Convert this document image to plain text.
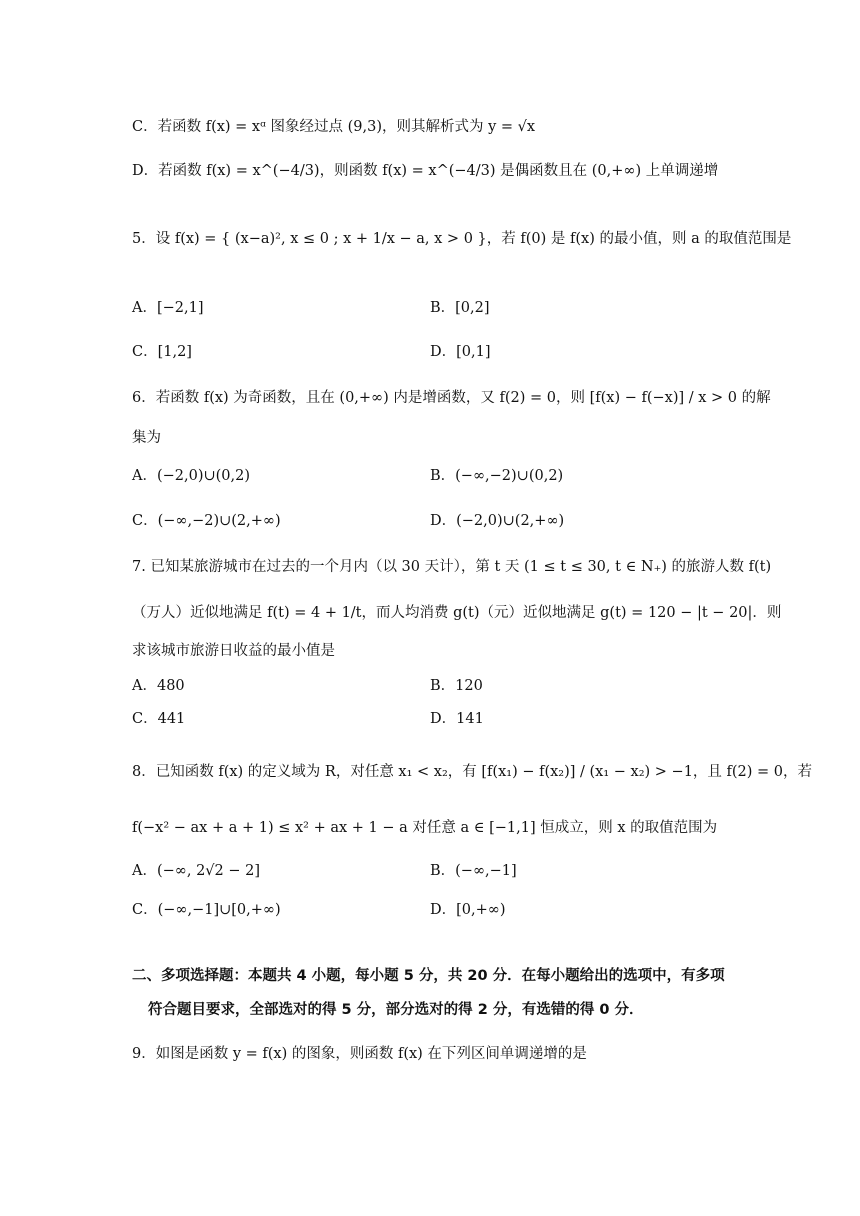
C．若函数 f(x) = xᵅ 图象经过点 (9,3)，则其解析式为 y = √x
D．若函数 f(x) = x^(−4/3)，则函数 f(x) = x^(−4/3) 是偶函数且在 (0,+∞) 上单调递增
5．设 f(x) = { (x−a)², x ≤ 0 ; x + 1/x − a, x > 0 }，若 f(0) 是 f(x) 的最小值，则 a 的取值范围是
A．[−2,1]	B．[0,2]
C．[1,2]	D．[0,1]
6．若函数 f(x) 为奇函数，且在 (0,+∞) 内是增函数，又 f(2) = 0，则 [f(x) − f(−x)] / x > 0 的解
集为
A．(−2,0)∪(0,2)	B．(−∞,−2)∪(0,2)
C．(−∞,−2)∪(2,+∞)	D．(−2,0)∪(2,+∞)
7. 已知某旅游城市在过去的一个月内（以 30 天计），第 t 天 (1 ≤ t ≤ 30, t ∈ N₊) 的旅游人数 f(t)
（万人）近似地满足 f(t) = 4 + 1/t，而人均消费 g(t)（元）近似地满足 g(t) = 120 − |t − 20|．则
求该城市旅游日收益的最小值是
A．480	B．120
C．441	D．141
8．已知函数 f(x) 的定义域为 R，对任意 x₁ < x₂，有 [f(x₁) − f(x₂)] / (x₁ − x₂) > −1，且 f(2) = 0，若
f(−x² − ax + a + 1) ≤ x² + ax + 1 − a 对任意 a ∈ [−1,1] 恒成立，则 x 的取值范围为
A．(−∞, 2√2 − 2]	B．(−∞,−1]
C．(−∞,−1]∪[0,+∞)	D．[0,+∞)
二、多项选择题：本题共 4 小题，每小题 5 分，共 20 分．在每小题给出的选项中，有多项
符合题目要求，全部选对的得 5 分，部分选对的得 2 分，有选错的得 0 分．
9．如图是函数 y = f(x) 的图象，则函数 f(x) 在下列区间单调递增的是
